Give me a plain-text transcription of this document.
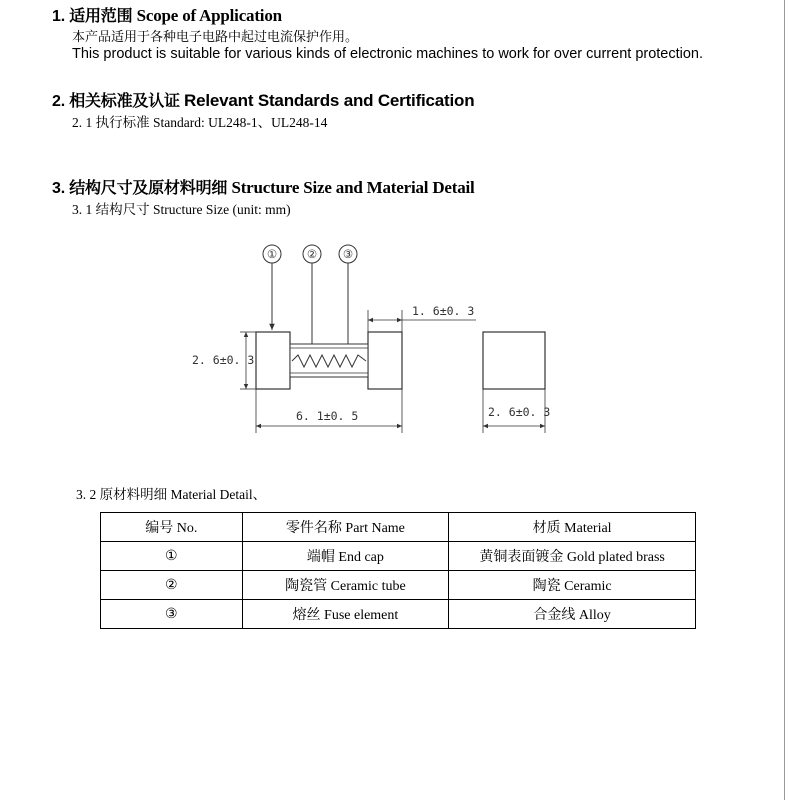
1. 适用范围 Scope of Application
本产品适用于各种电子电路中起过电流保护作用。
This product is suitable for various kinds of electronic machines to work for over current protection.
2. 相关标准及认证 Relevant Standards and Certification
2. 1 执行标准 Standard: UL248-1、UL248-14
3. 结构尺寸及原材料明细 Structure Size and Material Detail
3. 1 结构尺寸 Structure Size (unit: mm)
①	② ③
1. 6±0. 3
2. 6±0. 3
6. 1±0. 5	2. 6±0. 3
3. 2 原材料明细 Material Detail、
编号 No.	零件名称 Part Name	材质 Material
①	端帽 End cap	黄铜表面镀金 Gold plated brass
②	陶瓷管 Ceramic tube	陶瓷 Ceramic
③	熔丝 Fuse element	合金线 Alloy
